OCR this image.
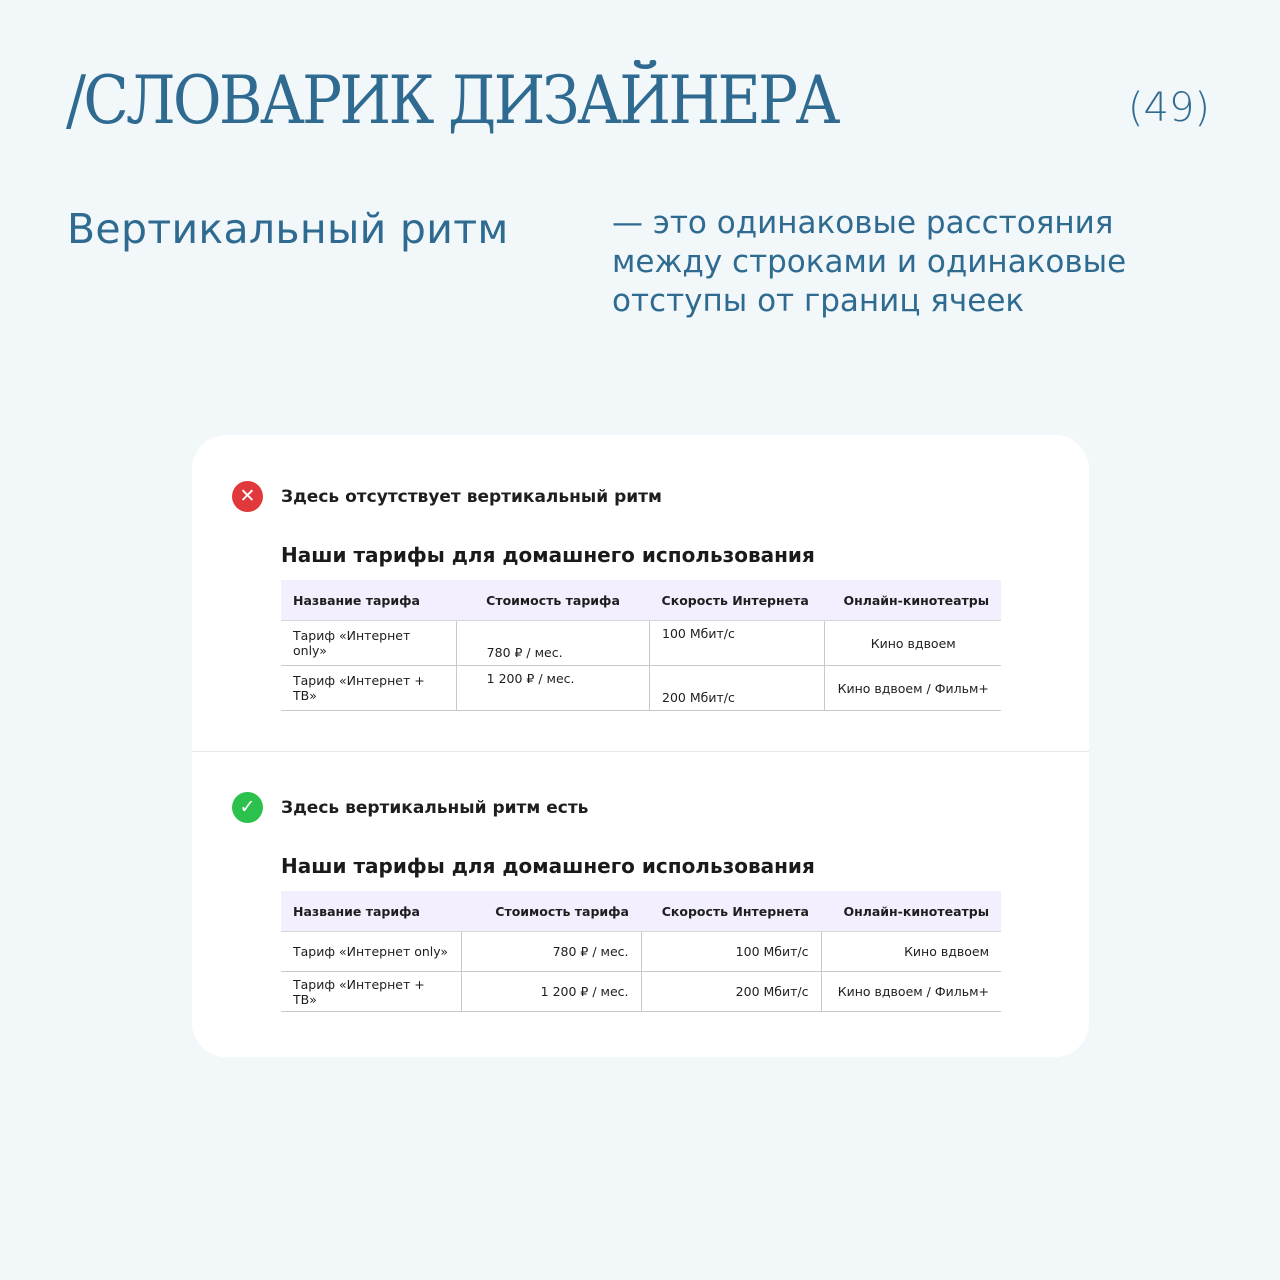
/СЛОВАРИК ДИЗАЙНЕРА	(49)
Вертикальный ритм	— это одинаковые расстояния между строками и одинаковые отступы от границ ячеек
✕	Здесь отсутствует вертикальный ритм
Наши тарифы для домашнего использования
Название тарифа	Стоимость тарифа	Скорость Интернета	Онлайн-кинотеатры
Тариф «Интернет only»	780 ₽ / мес.	100 Мбит/с	Кино вдвоем
Тариф «Интернет + ТВ»	1 200 ₽ / мес.	200 Мбит/с	Кино вдвоем / Фильм+
✓	Здесь вертикальный ритм есть
Наши тарифы для домашнего использования
Название тарифа	Стоимость тарифа	Скорость Интернета	Онлайн-кинотеатры
Тариф «Интернет only»	780 ₽ / мес.	100 Мбит/с	Кино вдвоем
Тариф «Интернет + ТВ»	1 200 ₽ / мес.	200 Мбит/с	Кино вдвоем / Фильм+
